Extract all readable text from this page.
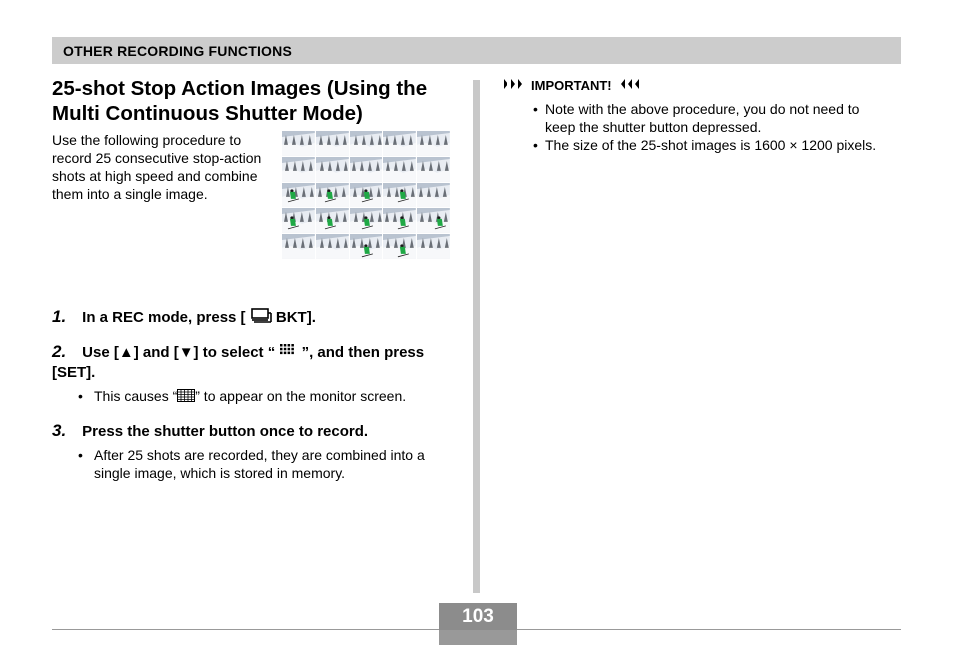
OTHER RECORDING FUNCTIONS
25-shot Stop Action Images (Using the
Multi Continuous Shutter Mode)
Use the following procedure to record 25 consecutive stop-action shots at high speed and combine them into a single image.
1. In a REC mode, press [  BKT].
2. Use [▲] and [▼] to select “ ”, and then press [SET].
• This causes “ ” to appear on the monitor screen.
3. Press the shutter button once to record.
• After 25 shots are recorded, they are combined into a single image, which is stored in memory.
IMPORTANT!
• Note with the above procedure, you do not need to keep the shutter button depressed.
• The size of the 25-shot images is 1600 × 1200 pixels.
103
